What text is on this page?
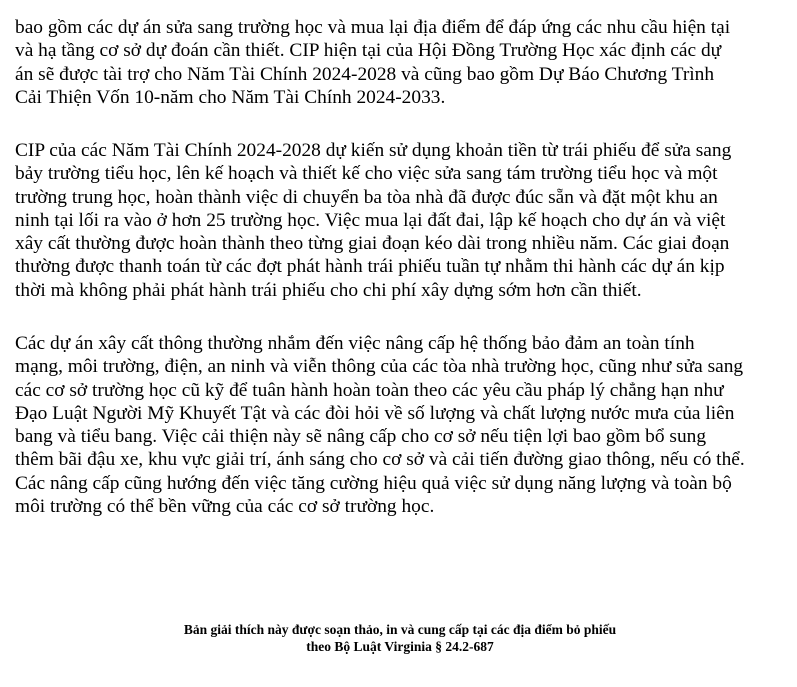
bao gồm các dự án sửa sang trường học và mua lại địa điểm để đáp ứng các nhu cầu hiện tại
và hạ tầng cơ sở dự đoán cần thiết. CIP hiện tại của Hội Đồng Trường Học xác định các dự
án sẽ được tài trợ cho Năm Tài Chính 2024-2028 và cũng bao gồm Dự Báo Chương Trình
Cải Thiện Vốn 10-năm cho Năm Tài Chính 2024-2033.
CIP của các Năm Tài Chính 2024-2028 dự kiến sử dụng khoản tiền từ trái phiếu để sửa sang
bảy trường tiểu học, lên kế hoạch và thiết kế cho việc sửa sang tám trường tiểu học và một
trường trung học, hoàn thành việc di chuyển ba tòa nhà đã được đúc sẵn và đặt một khu an
ninh tại lối ra vào ở hơn 25 trường học. Việc mua lại đất đai, lập kế hoạch cho dự án và việt
xây cất thường được hoàn thành theo từng giai đoạn kéo dài trong nhiều năm. Các giai đoạn
thường được thanh toán từ các đợt phát hành trái phiếu tuần tự nhằm thi hành các dự án kịp
thời mà không phải phát hành trái phiếu cho chi phí xây dựng sớm hơn cần thiết.
Các dự án xây cất thông thường nhắm đến việc nâng cấp hệ thống bảo đảm an toàn tính
mạng, môi trường, điện, an ninh và viễn thông của các tòa nhà trường học, cũng như sửa sang
các cơ sở trường học cũ kỹ để tuân hành hoàn toàn theo các yêu cầu pháp lý chẳng hạn như
Đạo Luật Người Mỹ Khuyết Tật và các đòi hỏi về số lượng và chất lượng nước mưa của liên
bang và tiểu bang. Việc cải thiện này sẽ nâng cấp cho cơ sở nếu tiện lợi bao gồm bổ sung
thêm bãi đậu xe, khu vực giải trí, ánh sáng cho cơ sở và cải tiến đường giao thông, nếu có thể.
Các nâng cấp cũng hướng đến việc tăng cường hiệu quả việc sử dụng năng lượng và toàn bộ
môi trường có thể bền vững của các cơ sở trường học.
Bản giải thích này được soạn thảo, in và cung cấp tại các địa điểm bỏ phiếu
theo Bộ Luật Virginia § 24.2-687
